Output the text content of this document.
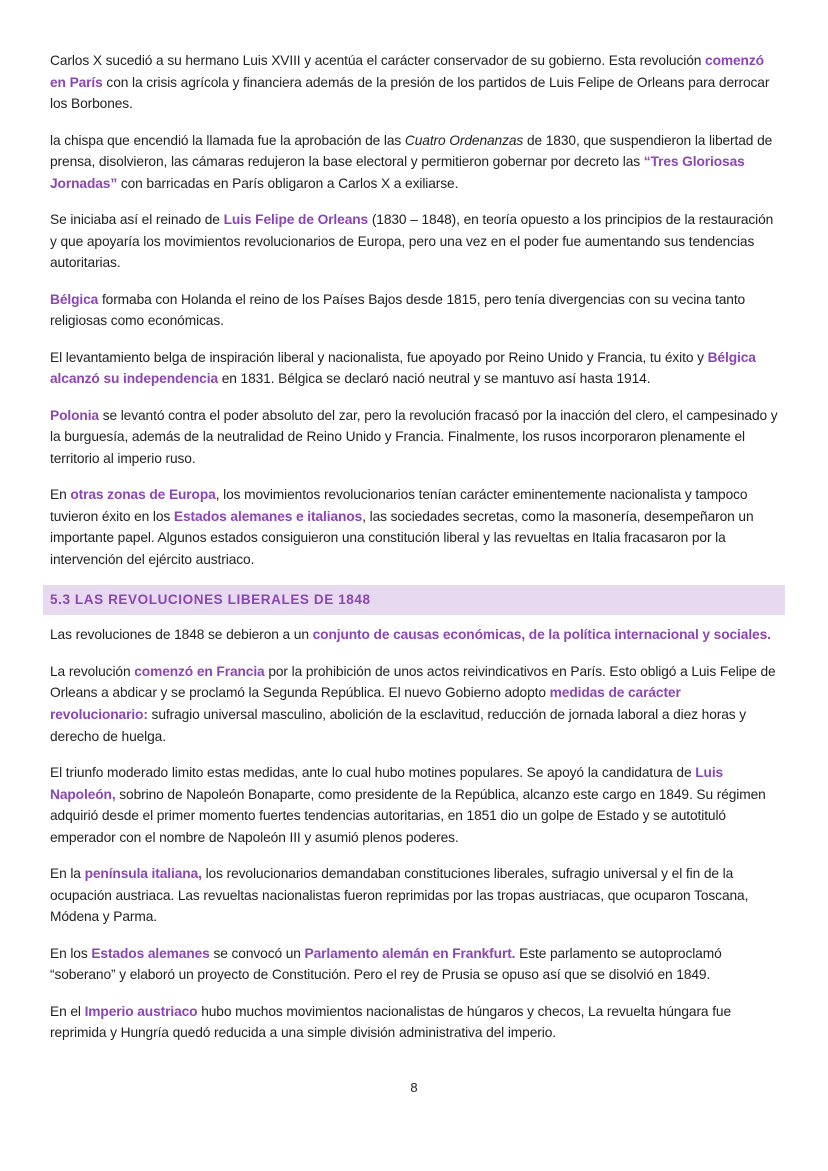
Carlos X sucedió a su hermano Luis XVIII y acentúa el carácter conservador de su gobierno. Esta revolución comenzó en París con la crisis agrícola y financiera además de la presión de los partidos de Luis Felipe de Orleans para derrocar los Borbones.

la chispa que encendió la llamada fue la aprobación de las Cuatro Ordenanzas de 1830, que suspendieron la libertad de prensa, disolvieron, las cámaras redujeron la base electoral y permitieron gobernar por decreto las “Tres Gloriosas Jornadas” con barricadas en París obligaron a Carlos X a exiliarse.

Se iniciaba así el reinado de Luis Felipe de Orleans (1830 – 1848), en teoría opuesto a los principios de la restauración y que apoyaría los movimientos revolucionarios de Europa, pero una vez en el poder fue aumentando sus tendencias autoritarias.

Bélgica formaba con Holanda el reino de los Países Bajos desde 1815, pero tenía divergencias con su vecina tanto religiosas como económicas.

El levantamiento belga de inspiración liberal y nacionalista, fue apoyado por Reino Unido y Francia, tu éxito y Bélgica alcanzó su independencia en 1831. Bélgica se declaró nació neutral y se mantuvo así hasta 1914.

Polonia se levantó contra el poder absoluto del zar, pero la revolución fracasó por la inacción del clero, el campesinado y la burguesía, además de la neutralidad de Reino Unido y Francia. Finalmente, los rusos incorporaron plenamente el territorio al imperio ruso.

En otras zonas de Europa, los movimientos revolucionarios tenían carácter eminentemente nacionalista y tampoco tuvieron éxito en los Estados alemanes e italianos, las sociedades secretas, como la masonería, desempeñaron un importante papel. Algunos estados consiguieron una constitución liberal y las revueltas en Italia fracasaron por la intervención del ejército austriaco.

5.3 LAS REVOLUCIONES LIBERALES DE 1848

Las revoluciones de 1848 se debieron a un conjunto de causas económicas, de la política internacional y sociales.

La revolución comenzó en Francia por la prohibición de unos actos reivindicativos en París. Esto obligó a Luis Felipe de Orleans a abdicar y se proclamó la Segunda República. El nuevo Gobierno adopto medidas de carácter revolucionario: sufragio universal masculino, abolición de la esclavitud, reducción de jornada laboral a diez horas y derecho de huelga.

El triunfo moderado limito estas medidas, ante lo cual hubo motines populares. Se apoyó la candidatura de Luis Napoleón, sobrino de Napoleón Bonaparte, como presidente de la República, alcanzo este cargo en 1849. Su régimen adquirió desde el primer momento fuertes tendencias autoritarias, en 1851 dio un golpe de Estado y se autotituló emperador con el nombre de Napoleón III y asumió plenos poderes.

En la península italiana, los revolucionarios demandaban constituciones liberales, sufragio universal y el fin de la ocupación austriaca. Las revueltas nacionalistas fueron reprimidas por las tropas austriacas, que ocuparon Toscana, Módena y Parma.

En los Estados alemanes se convocó un Parlamento alemán en Frankfurt. Este parlamento se autoproclamó “soberano” y elaboró un proyecto de Constitución. Pero el rey de Prusia se opuso así que se disolvió en 1849.

En el Imperio austriaco hubo muchos movimientos nacionalistas de húngaros y checos, La revuelta húngara fue reprimida y Hungría quedó reducida a una simple división administrativa del imperio.

8
